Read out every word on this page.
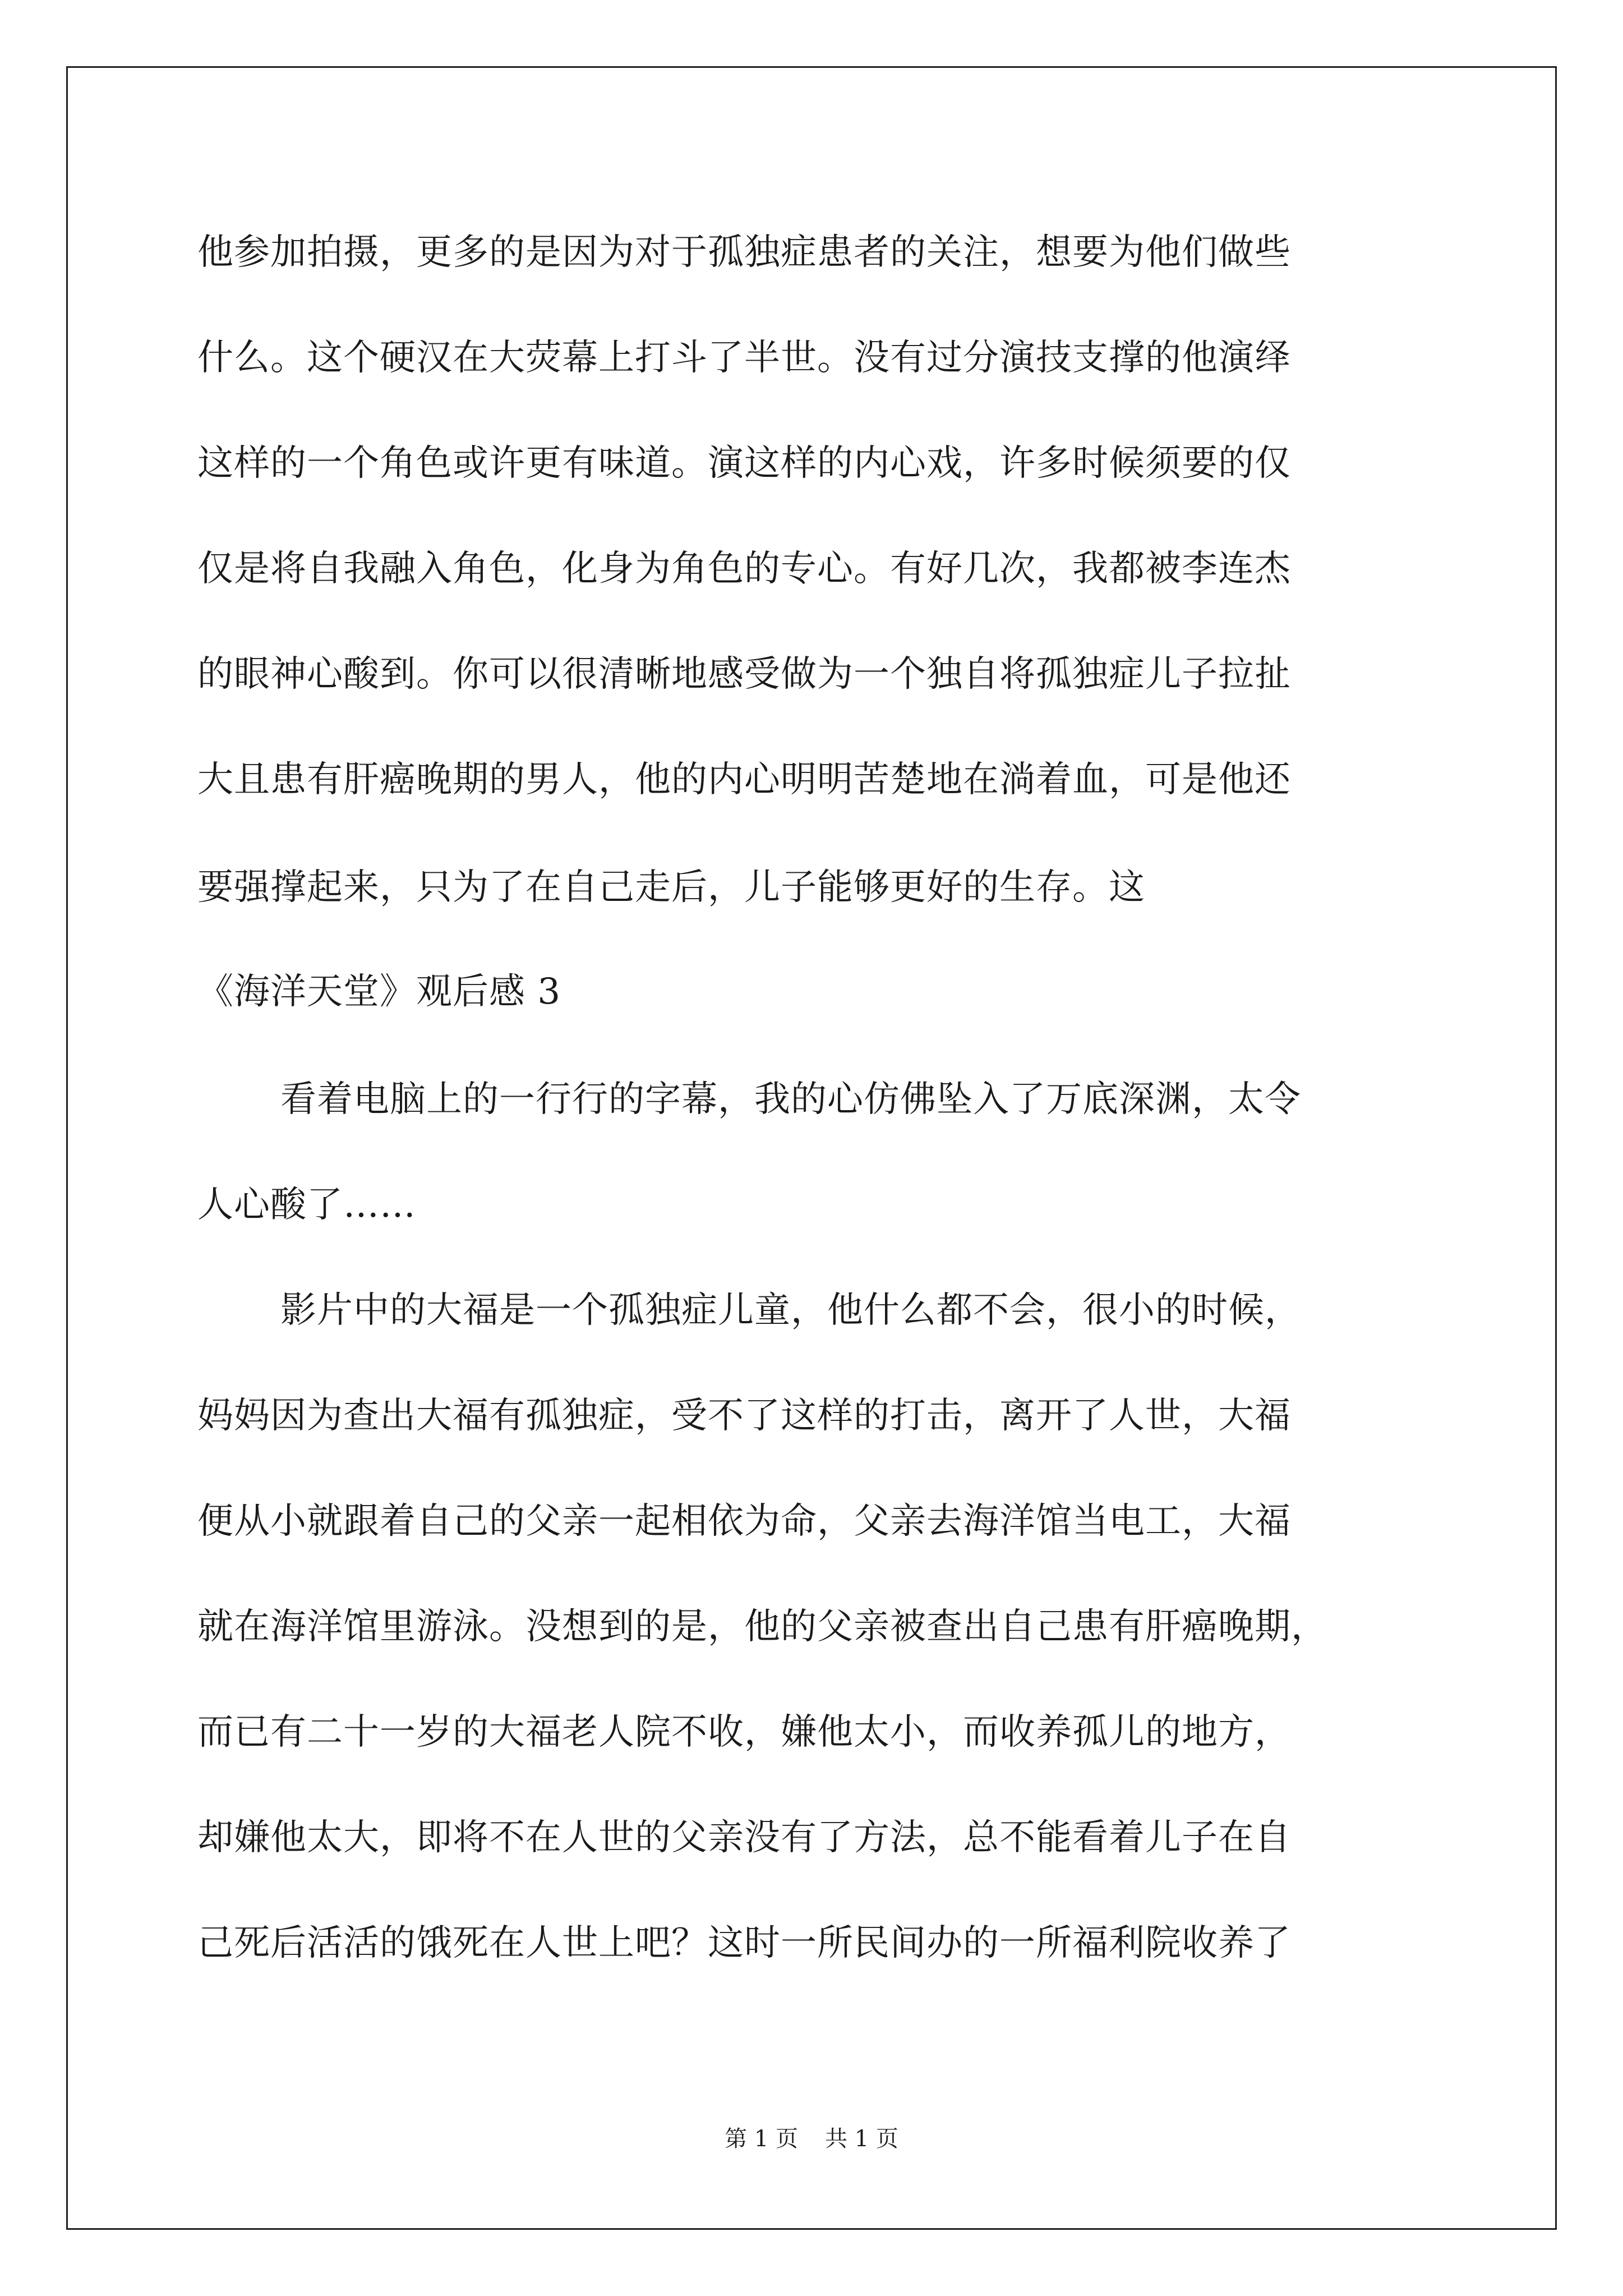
他参加拍摄，更多的是因为对于孤独症患者的关注，想要为他们做些
什么。这个硬汉在大荧幕上打斗了半世。没有过分演技支撑的他演绎
这样的一个角色或许更有味道。演这样的内心戏，许多时候须要的仅
仅是将自我融入角色，化身为角色的专心。有好几次，我都被李连杰
的眼神心酸到。你可以很清晰地感受做为一个独自将孤独症儿子拉扯
大且患有肝癌晚期的男人，他的内心明明苦楚地在淌着血，可是他还
要强撑起来，只为了在自己走后，儿子能够更好的生存。这
《海洋天堂》观后感 3
看着电脑上的一行行的字幕，我的心仿佛坠入了万底深渊，太令
人心酸了……
影片中的大福是一个孤独症儿童，他什么都不会，很小的时候，
妈妈因为查出大福有孤独症，受不了这样的打击，离开了人世，大福
便从小就跟着自己的父亲一起相依为命，父亲去海洋馆当电工，大福
就在海洋馆里游泳。没想到的是，他的父亲被查出自己患有肝癌晚期，
而已有二十一岁的大福老人院不收，嫌他太小，而收养孤儿的地方，
却嫌他太大，即将不在人世的父亲没有了方法，总不能看着儿子在自
己死后活活的饿死在人世上吧？这时一所民间办的一所福利院收养了
第 1 页 共 1 页
